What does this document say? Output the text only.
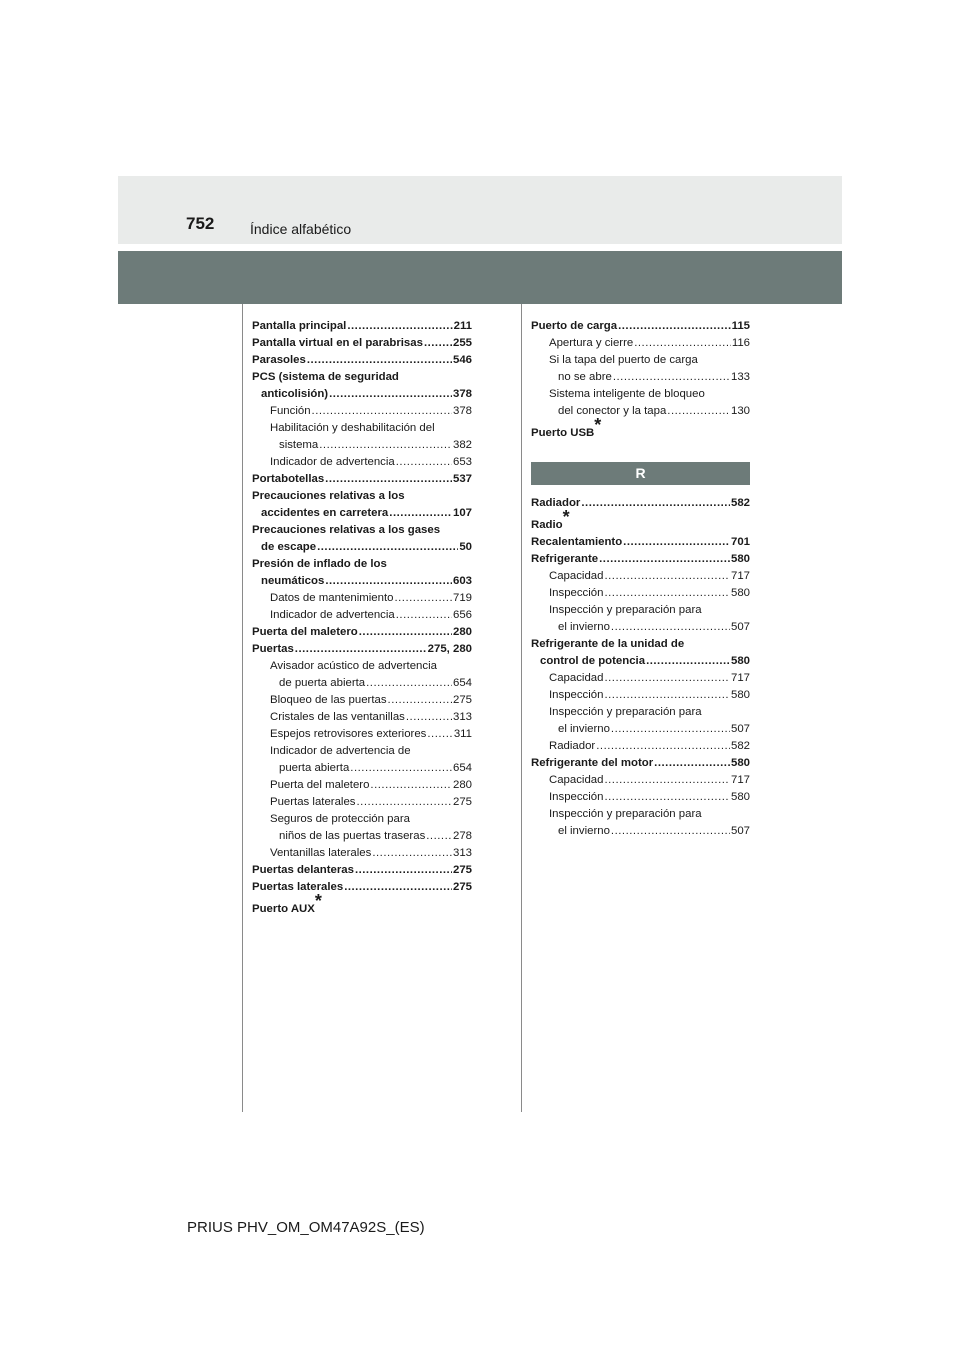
752	Índice alfabético
Pantalla principal .....	211
Pantalla virtual en el parabrisas .....	255
Parasoles .....	546
PCS (sistema de seguridad
anticolisión) .....	378
Función .....	378
Habilitación y deshabilitación del
sistema .....	382
Indicador de advertencia .....	653
Portabotellas .....	537
Precauciones relativas a los
accidentes en carretera .....	107
Precauciones relativas a los gases
de escape .....	50
Presión de inflado de los
neumáticos .....	603
Datos de mantenimiento .....	719
Indicador de advertencia .....	656
Puerta del maletero .....	280
Puertas .....	275, 280
Avisador acústico de advertencia
de puerta abierta .....	654
Bloqueo de las puertas .....	275
Cristales de las ventanillas .....	313
Espejos retrovisores exteriores ..... 311
Indicador de advertencia de
puerta abierta .....	654
Puerta del maletero .....	280
Puertas laterales .....	275
Seguros de protección para
niños de las puertas traseras ..... 278
Ventanillas laterales .....	313
Puertas delanteras .....	275
Puertas laterales .....	275
Puerto AUX*
Puerto de carga .....	115
Apertura y cierre .....	116
Si la tapa del puerto de carga
no se abre .....	133
Sistema inteligente de bloqueo
del conector y la tapa .....	130
Puerto USB*
R
Radiador .....	582
Radio*
Recalentamiento .....	701
Refrigerante .....	580
Capacidad .....	717
Inspección .....	580
Inspección y preparación para
el invierno .....	507
Refrigerante de la unidad de
control de potencia .....	580
Capacidad .....	717
Inspección .....	580
Inspección y preparación para
el invierno .....	507
Radiador .....	582
Refrigerante del motor .....	580
Capacidad .....	717
Inspección .....	580
Inspección y preparación para
el invierno .....	507
PRIUS PHV_OM_OM47A92S_(ES)
